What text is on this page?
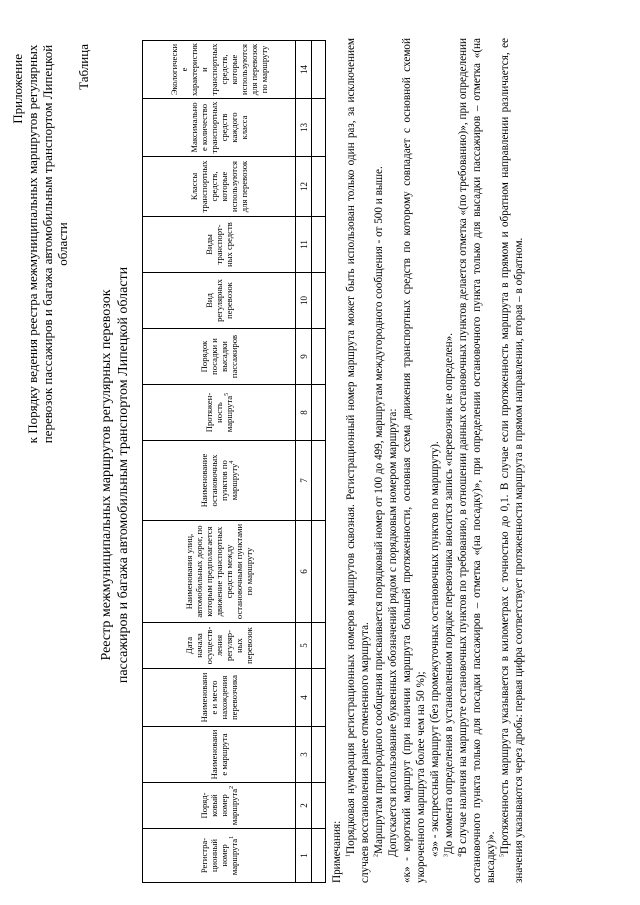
Приложение к Порядку ведения реестра межмуниципальных маршрутов регулярных перевозок пассажиров и багажа автомобильным транспортом Липецкой области
Таблица
Реестр межмуниципальных маршрутов регулярных перевозок пассажиров и багажа автомобильным транспортом Липецкой области
Регистра-ционный номер маршрута$^1$	Поряд-ковый номер маршрута$^2$	Наименование маршрута	Наименование и место нахождения перевозчика	Дата начала осуществ-ления регуляр-ных перевозок	Наименования улиц, автомобильных дорог, по которым предполагается движение транспортных средств между остановочными пунктами по маршруту	Наименование остановочных пунктов по маршруту$^4$	Протяжен-ность маршрута$^5$	Порядок посадки и высадки пассажиров	Вид регулярных перевозок	Виды транспорт-ных средств	Классы транспортных средств, которые используются для перевозок	Максимальное количество транспортных средств каждого класса	Экологические характеристики транспортных средств, которые используются для перевозок по маршруту
1	2	3	4	5	6	7	8	9	10	11	12	13	14

Примечания: $^1$Порядковая нумерация регистрационных номеров маршрутов сквозная. Регистрационный номер маршрута может быть использован только один раз, за исключением случаев восстановления ранее отмененного маршрута. $^2$Маршрутам пригородного сообщения присваивается порядковый номер от 100 до 499, маршрутам междугородного сообщения - от 500 и выше. Допускается использование буквенных обозначений рядом с порядковым номером маршрута: «к» - короткий маршрут (при наличии маршрута большей протяженности, основная схема движения транспортных средств по которому совпадает с основной схемой укороченного маршрута более чем на 50 %); «э» - экспрессный маршрут (без промежуточных остановочных пунктов по маршруту). $^3$До момента определения в установленном порядке перевозчика вносится запись «перевозчик не определен».

$^4$В случае наличия на маршруте остановочных пунктов по требованию, в отношении данных остановочных пунктов делается отметка «(по требованию)», при определении остановочного пункта только для посадки пассажиров – отметка «(на посадку)», при определении остановочного пункта только для высадки пассажиров – отметка «(на высадку)». $^5$Протяженность маршрута указывается в километрах с точностью до 0,1. В случае если протяженность маршрута в прямом и обратном направлении различается, ее значения указываются через дробь: первая цифра соответствует протяженности маршрута в прямом направлении, вторая – в обратном.
